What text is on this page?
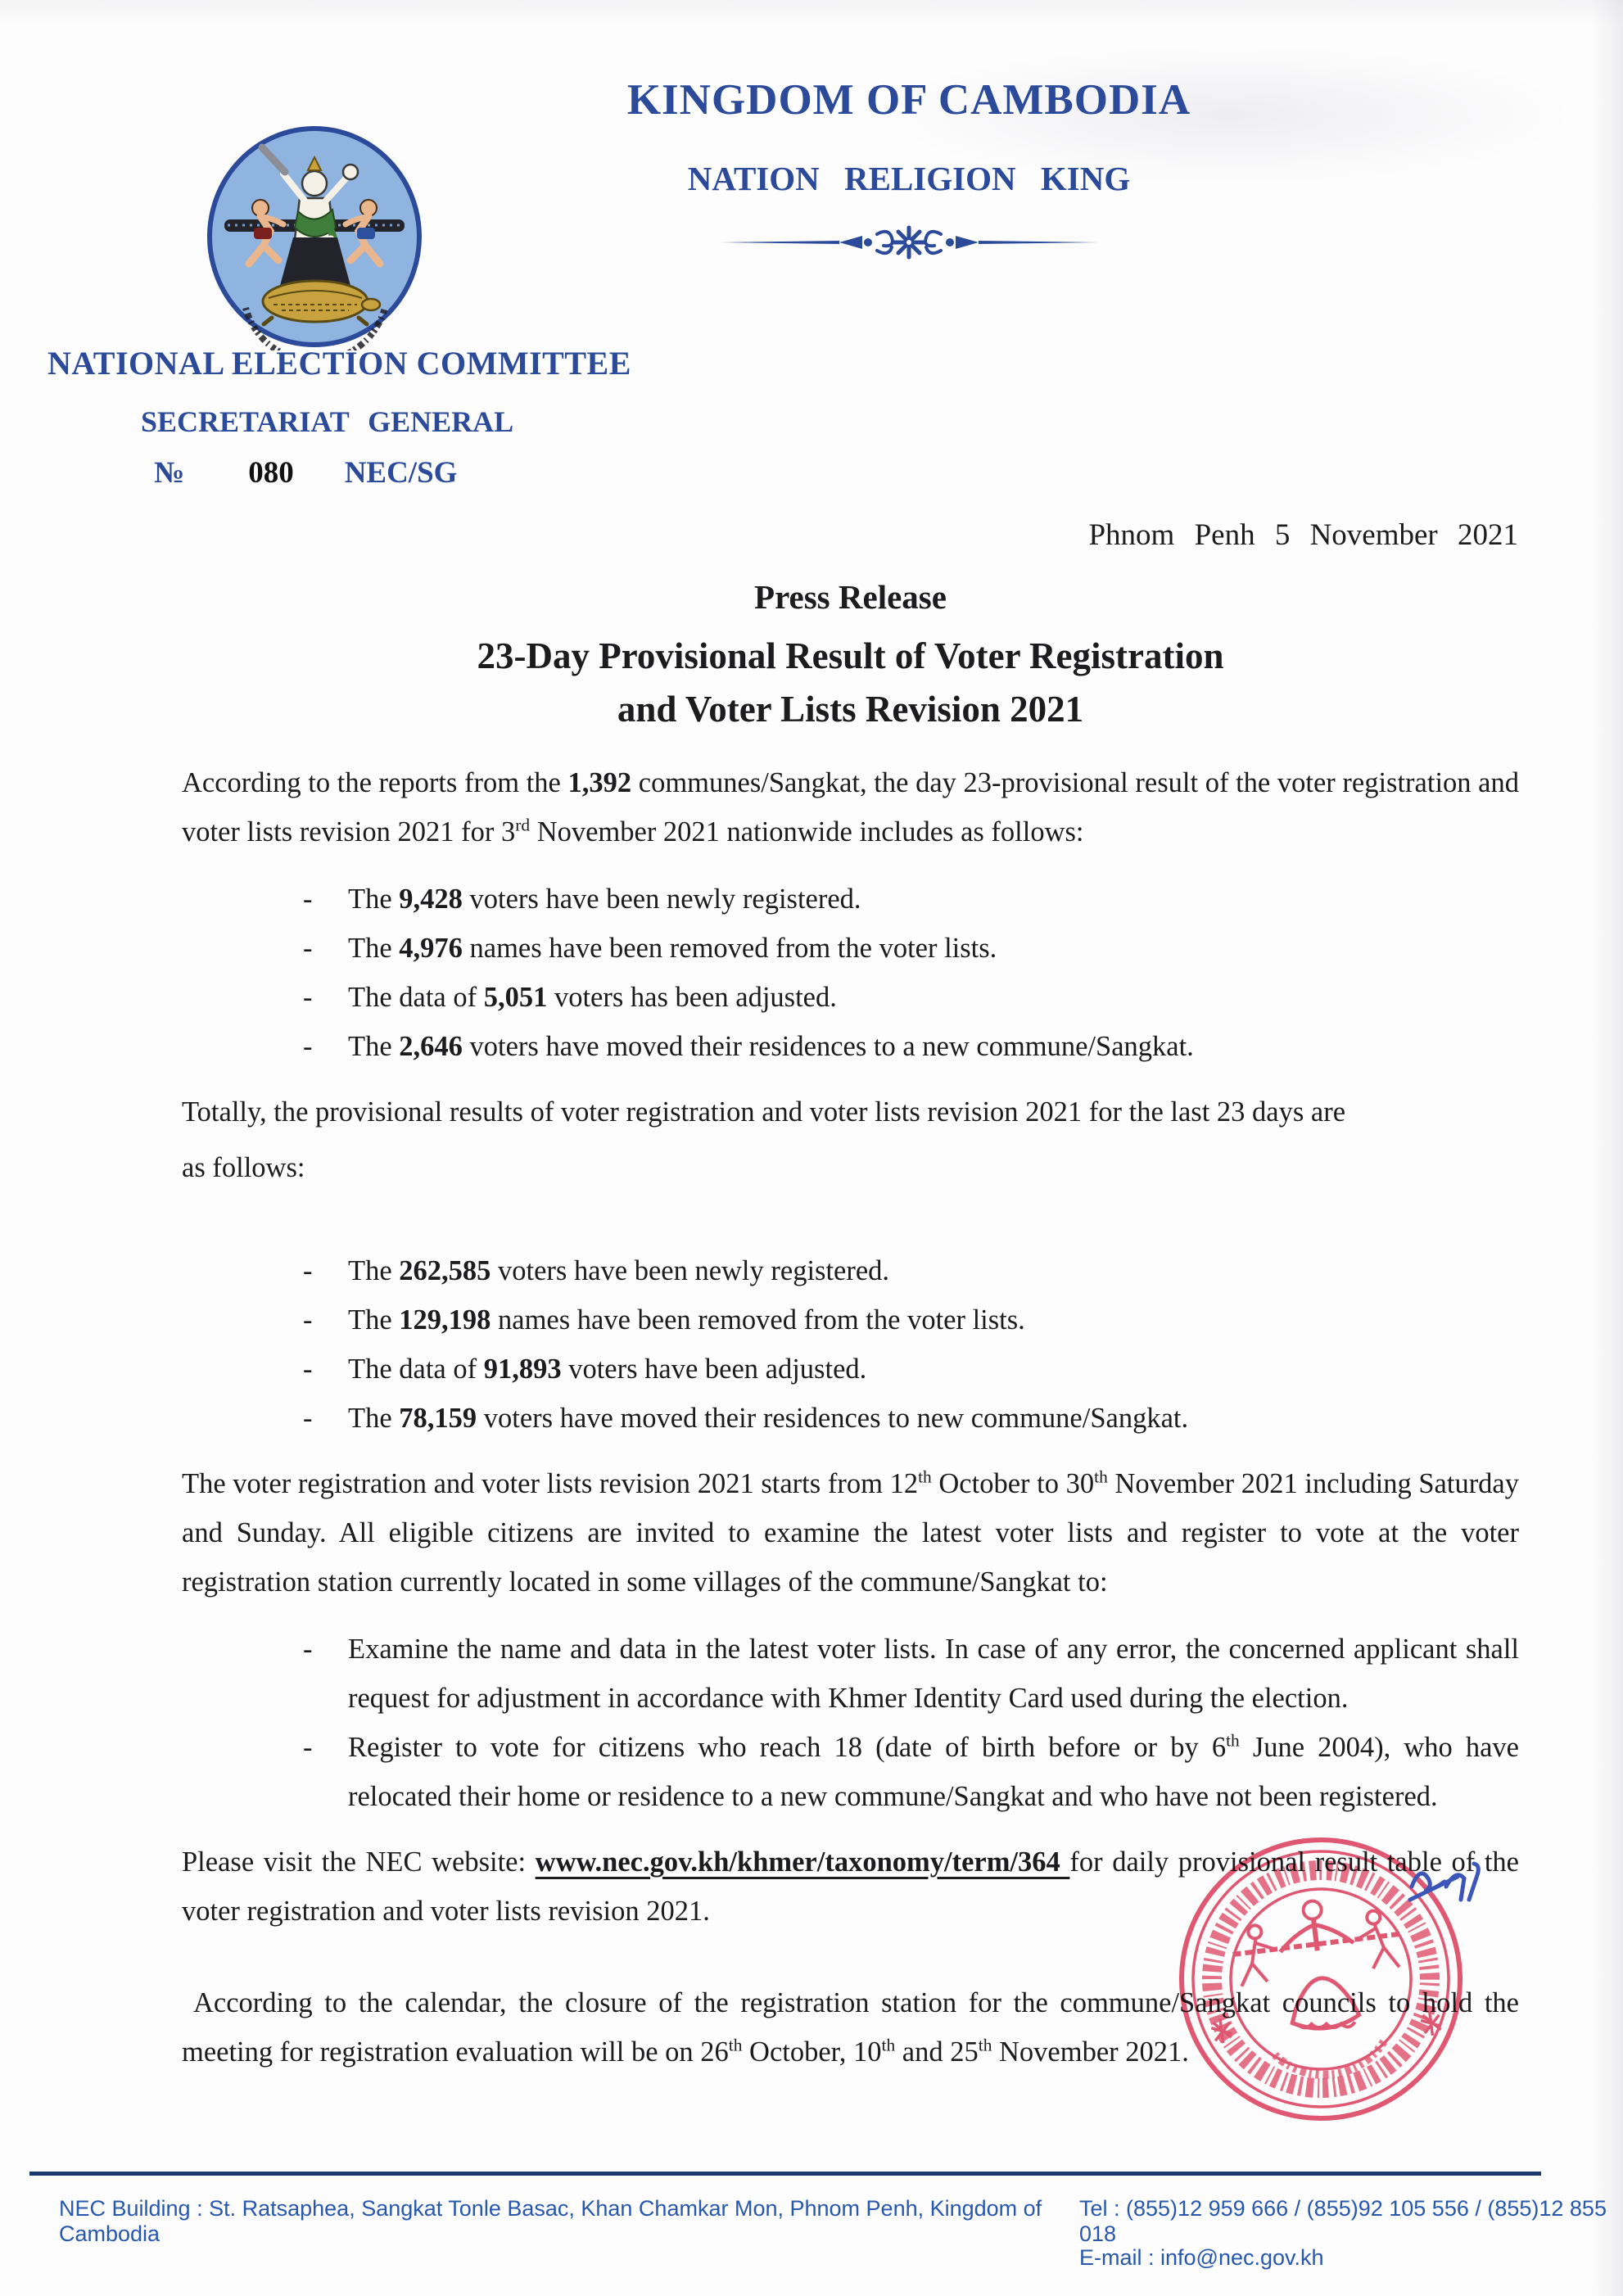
KINGDOM OF CAMBODIA
NATION RELIGION KING
NATIONAL ELECTION COMMITTEE
SECRETARIAT GENERAL
№ 080 NEC/SG
Phnom Penh 5 November 2021
Press Release
23-Day Provisional Result of Voter Registration
and Voter Lists Revision 2021

According to the reports from the 1,392 communes/Sangkat, the day 23-provisional result of the voter registration and voter lists revision 2021 for 3rd November 2021 nationwide includes as follows:

-	The 9,428 voters have been newly registered.
-	The 4,976 names have been removed from the voter lists.
-	The data of 5,051 voters has been adjusted.
-	The 2,646 voters have moved their residences to a new commune/Sangkat.

Totally, the provisional results of voter registration and voter lists revision 2021 for the last 23 days are

as follows:

-	The 262,585 voters have been newly registered.
-	The 129,198 names have been removed from the voter lists.
-	The data of 91,893 voters have been adjusted.
-	The 78,159 voters have moved their residences to new commune/Sangkat.

The voter registration and voter lists revision 2021 starts from 12th October to 30th November 2021 including Saturday and Sunday. All eligible citizens are invited to examine the latest voter lists and register to vote at the voter registration station currently located in some villages of the commune/Sangkat to:

-	Examine the name and data in the latest voter lists. In case of any error, the concerned applicant shall request for adjustment in accordance with Khmer Identity Card used during the election.
-	Register to vote for citizens who reach 18 (date of birth before or by 6th June 2004), who have relocated their home or residence to a new commune/Sangkat and who have not been registered.

Please visit the NEC website: www.nec.gov.kh/khmer/taxonomy/term/364 for daily provisional result table of the voter registration and voter lists revision 2021.

According to the calendar, the closure of the registration station for the commune/Sangkat councils to hold the meeting for registration evaluation will be on 26th October, 10th and 25th November 2021.

NEC Building : St. Ratsaphea, Sangkat Tonle Basac, Khan Chamkar Mon, Phnom Penh, Kingdom of Cambodia
Tel : (855)12 959 666 / (855)92 105 556 / (855)12 855 018
E-mail : info@nec.gov.kh
